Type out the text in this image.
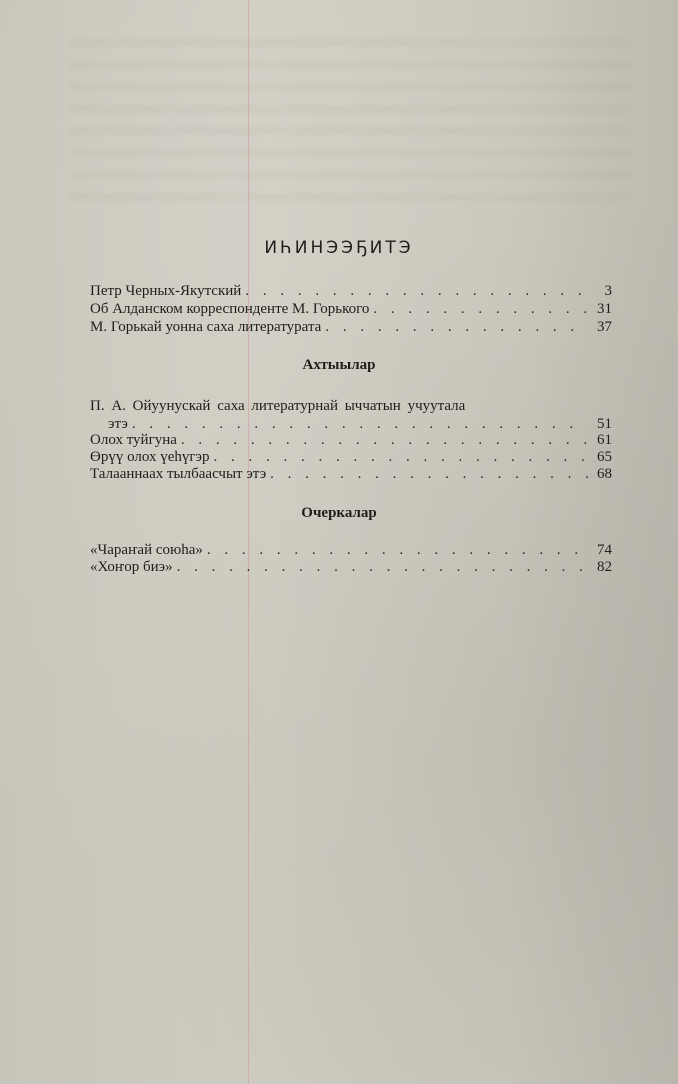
ИҺИНЭЭҔИТЭ
Петр Черных-Якутский . . .	3
Об Алданском корреспонденте М. Горького . . .	31
М. Горькай уонна саха литературата . . .	37
Ахтыылар
П. А. Ойуунускай саха литературнай ыччатын учуутала
этэ . . .	51
Олох туйгуна . . .	61
Өрүү олох үеһүгэр . . .	65
Талааннаах тылбаасчыт этэ . . .	68
Очеркалар
«Чараҥай союһа» . . .	74
«Хоҥор биэ» . . .	82
